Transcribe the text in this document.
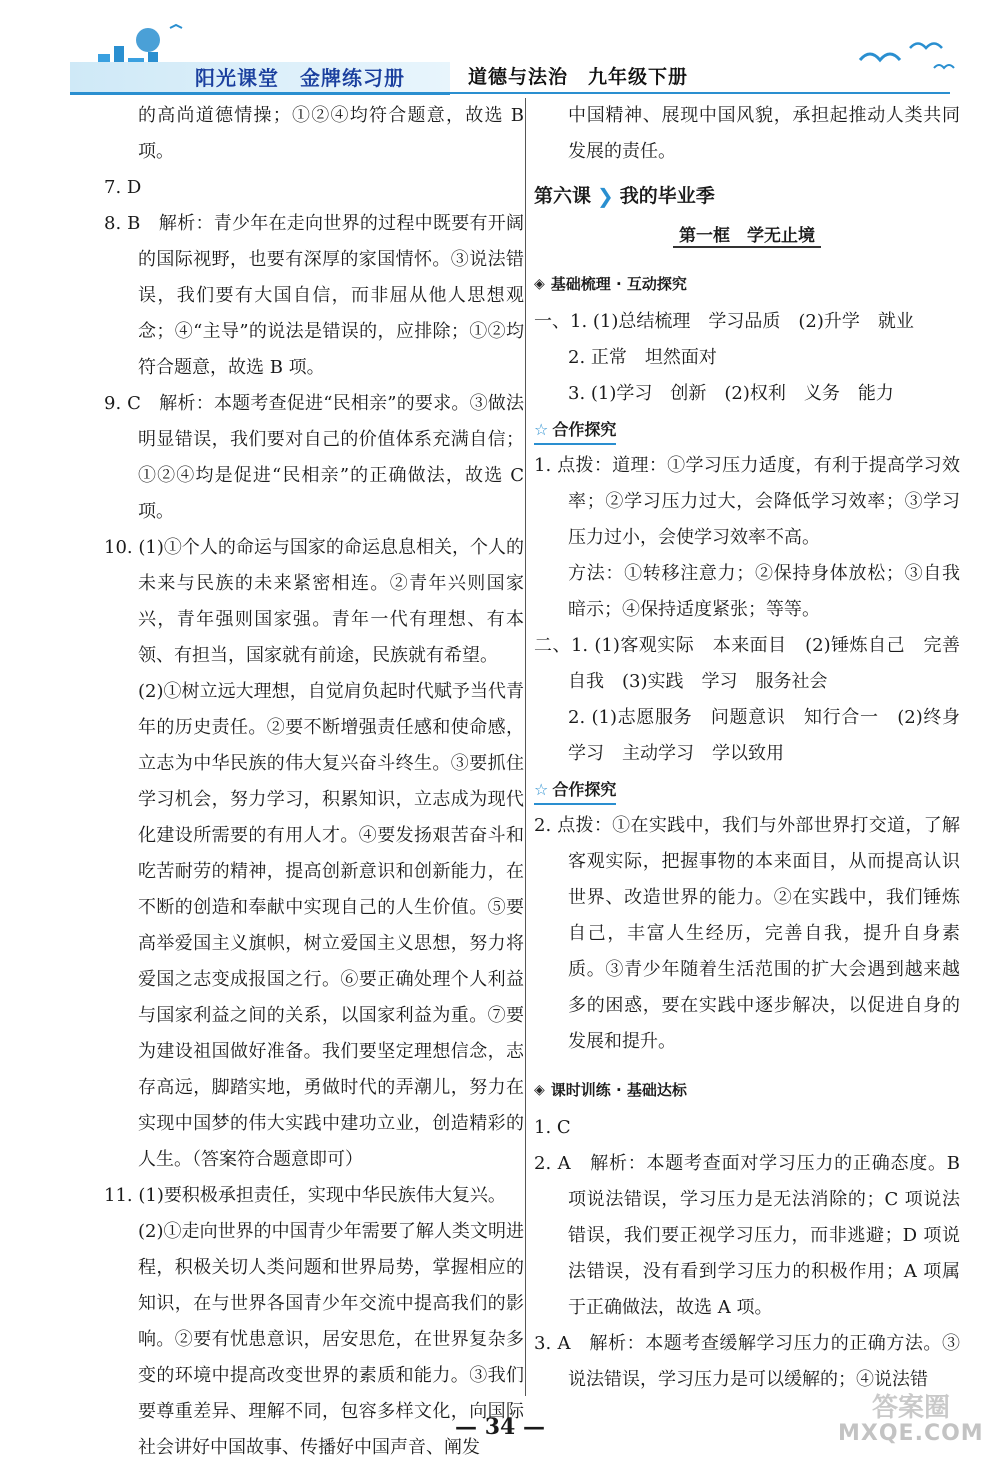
阳光课堂　金牌练习册	道德与法治　九年级下册

的高尚道德情操；①②④均符合题意，故选 B 项。

7. D

8. B　解析：青少年在走向世界的过程中既要有开阔的国际视野，也要有深厚的家国情怀。③说法错误，我们要有大国自信，而非屈从他人思想观念；④“主导”的说法是错误的，应排除；①②均符合题意，故选 B 项。

9. C　解析：本题考查促进“民相亲”的要求。③做法明显错误，我们要对自己的价值体系充满自信；①②④均是促进“民相亲”的正确做法，故选 C 项。

10. (1)①个人的命运与国家的命运息息相关，个人的未来与民族的未来紧密相连。②青年兴则国家兴，青年强则国家强。青年一代有理想、有本领、有担当，国家就有前途，民族就有希望。

(2)①树立远大理想，自觉肩负起时代赋予当代青年的历史责任。②要不断增强责任感和使命感，立志为中华民族的伟大复兴奋斗终生。③要抓住学习机会，努力学习，积累知识，立志成为现代化建设所需要的有用人才。④要发扬艰苦奋斗和吃苦耐劳的精神，提高创新意识和创新能力，在不断的创造和奉献中实现自己的人生价值。⑤要高举爱国主义旗帜，树立爱国主义思想，努力将爱国之志变成报国之行。⑥要正确处理个人利益与国家利益之间的关系，以国家利益为重。⑦要为建设祖国做好准备。我们要坚定理想信念，志存高远，脚踏实地，勇做时代的弄潮儿，努力在实现中国梦的伟大实践中建功立业，创造精彩的人生。（答案符合题意即可）

11. (1)要积极承担责任，实现中华民族伟大复兴。

(2)①走向世界的中国青少年需要了解人类文明进程，积极关切人类问题和世界局势，掌握相应的知识，在与世界各国青少年交流中提高我们的影响。②要有忧患意识，居安思危，在世界复杂多变的环境中提高改变世界的素质和能力。③我们要尊重差异、理解不同，包容多样文化，向国际社会讲好中国故事、传播好中国声音、阐发

中国精神、展现中国风貌，承担起推动人类共同发展的责任。

第六课 ❯ 我的毕业季
第一框　学无止境
◈ 基础梳理 · 互动探究

一、1. (1)总结梳理　学习品质　(2)升学　就业

2. 正常　坦然面对

3. (1)学习　创新　(2)权利　义务　能力

☆ 合作探究

1. 点拨：道理：①学习压力适度，有利于提高学习效率；②学习压力过大，会降低学习效率；③学习压力过小，会使学习效率不高。

方法：①转移注意力；②保持身体放松；③自我暗示；④保持适度紧张；等等。

二、1. (1)客观实际　本来面目　(2)锤炼自己　完善自我　(3)实践　学习　服务社会

2. (1)志愿服务　问题意识　知行合一　(2)终身学习　主动学习　学以致用

☆ 合作探究

2. 点拨：①在实践中，我们与外部世界打交道，了解客观实际，把握事物的本来面目，从而提高认识世界、改造世界的能力。②在实践中，我们锤炼自己，丰富人生经历，完善自我，提升自身素质。③青少年随着生活范围的扩大会遇到越来越多的困惑，要在实践中逐步解决，以促进自身的发展和提升。

◈ 课时训练 · 基础达标

1. C

2. A　解析：本题考查面对学习压力的正确态度。B 项说法错误，学习压力是无法消除的；C 项说法错误，我们要正视学习压力，而非逃避；D 项说法错误，没有看到学习压力的积极作用；A 项属于正确做法，故选 A 项。

3. A　解析：本题考查缓解学习压力的正确方法。③说法错误，学习压力是可以缓解的；④说法错

— 34 —
答案圈
MXQE.COM
